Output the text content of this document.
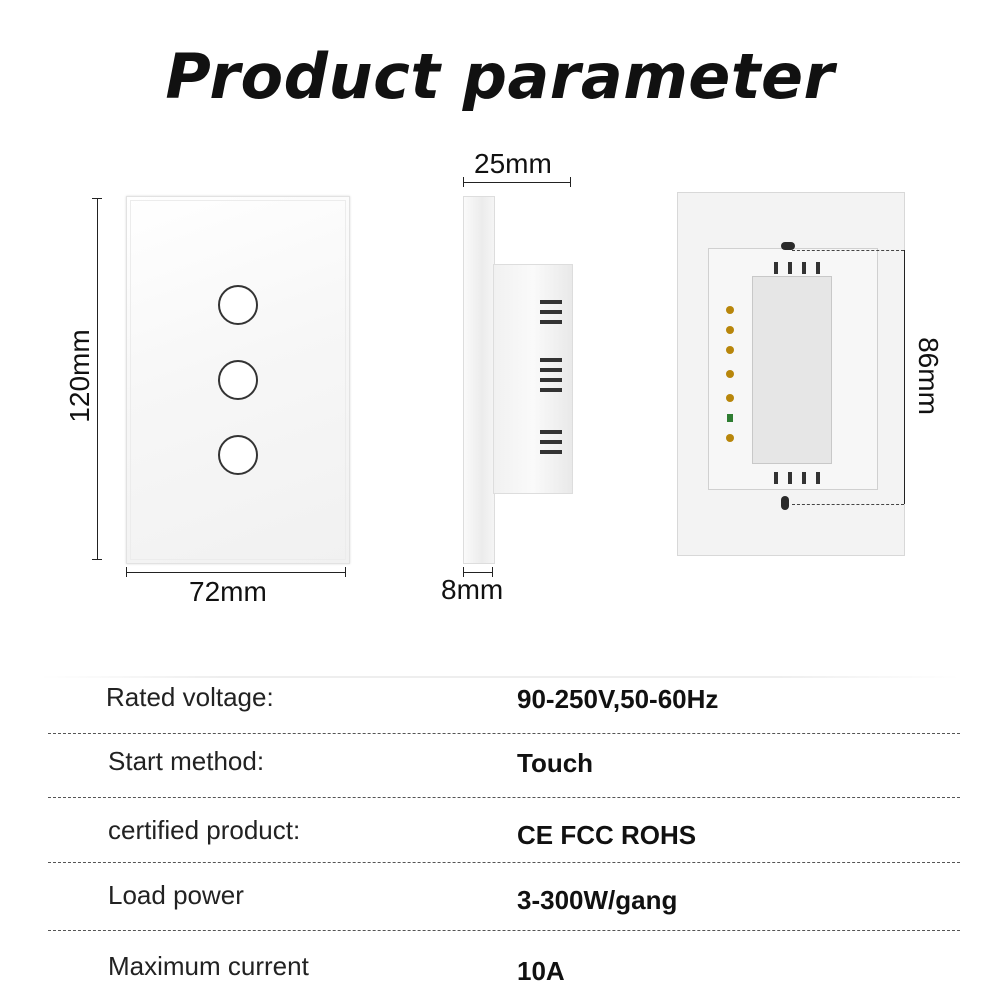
Product parameter
120mm
72mm
25mm
8mm
86mm
Rated voltage:	90-250V,50-60Hz
Start method:	Touch
certified product:	CE FCC ROHS
Load power	3-300W/gang
Maximum current	10A
